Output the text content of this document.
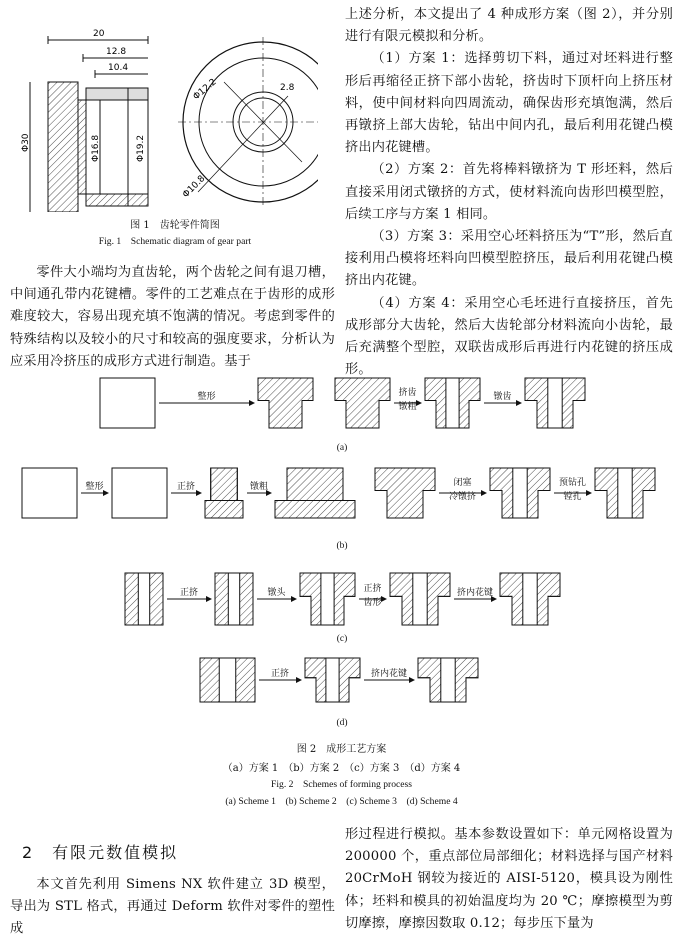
20
12.8
10.4
Φ30	Φ16.8	Φ19.2
Φ12.2	2.8
Φ10.8
图 1　齿轮零件简图
Fig. 1　Schematic diagram of gear part
零件大小端均为直齿轮，两个齿轮之间有退刀槽，中间通孔带内花键槽。零件的工艺难点在于齿形的成形难度较大，容易出现充填不饱满的情况。考虑到零件的特殊结构以及较小的尺寸和较高的强度要求，分析认为应采用冷挤压的成形方式进行制造。基于

上述分析，本文提出了 4 种成形方案（图 2），并分别进行有限元模拟和分析。

（1）方案 1：选择剪切下料，通过对坯料进行整形后再缩径正挤下部小齿轮，挤齿时下顶杆向上挤压材料，使中间材料向四周流动，确保齿形充填饱满，然后再镦挤上部大齿轮，钻出中间内孔，最后利用花键凸模挤出内花键槽。

（2）方案 2：首先将棒料镦挤为 T 形坯料，然后直接采用闭式镦挤的方式，使材料流向齿形凹模型腔，后续工序与方案 1 相同。

（3）方案 3：采用空心坯料挤压为“T”形，然后直接利用凸模将坯料向凹模型腔挤压，最后利用花键凸模挤出内花键。

（4）方案 4：采用空心毛坯进行直接挤压，首先成形部分大齿轮，然后大齿轮部分材料流向小齿轮，最后充满整个型腔，双联齿成形后再进行内花键的挤压成形。

整形	挤齿
镦粗
镦齿
整形	正挤	镦粗	闭塞
冷镦挤
预钻孔
镗孔
正挤	镦头	正挤
齿形
挤内花键
正挤	挤内花键
(a)
(b)
(c)
(d)
图 2　成形工艺方案
（a）方案 1　（b）方案 2　（c）方案 3　（d）方案 4
Fig. 2　Schemes of forming process
(a) Scheme 1　(b) Scheme 2　(c) Scheme 3　(d) Scheme 4
2　有限元数值模拟
本文首先利用 Simens NX 软件建立 3D 模型，导出为 STL 格式，再通过 Deform 软件对零件的塑性成
形过程进行模拟。基本参数设置如下：单元网格设置为 200000 个，重点部位局部细化；材料选择与国产材料 20CrMoH 钢较为接近的 AISI-5120，模具设为刚性体；坯料和模具的初始温度均为 20 ℃；摩擦模型为剪切摩擦，摩擦因数取 0.12；每步压下量为
